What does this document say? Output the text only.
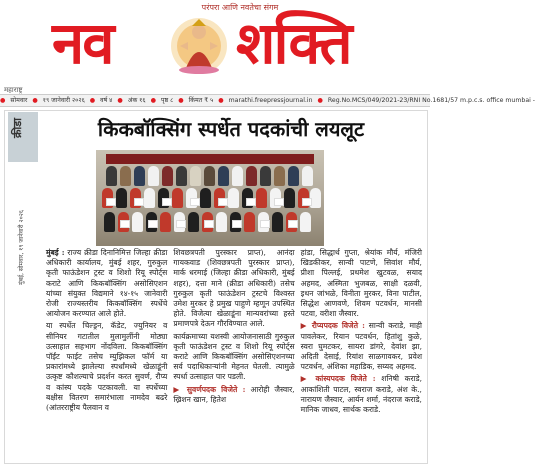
परंपरा आणि नवतेचा संगम
नव शक्ति
महाराष्ट्र
● सोमवार ● १९ जानेवारी २०२६ ● वर्ष ४ ● अंक १६ ● पृष्ठ ८ ● किंमत ₹ ५ ● marathi.freepressjournal.in ● Reg.No.MCS/049/2021-23/RNI No.1681/57 m.p.c.s. office mumbai -
क्रीडा
मुंबई, सोमवार, १९ जानेवारी २०२६
किकबॉक्सिंग स्पर्धेत पदकांची लयलूट

मुंबई : राज्य क्रीडा दिनानिमित्त जिल्हा क्रीडा अधिकारी कार्यालय, मुंबई शहर, गुरुकुल कृती फाऊंडेशन ट्रस्ट व शिशो रियू स्पोर्ट्स कराटे आणि किकबॉक्सिंग असोसिएशन यांच्या संयुक्त विद्यमाने १४-१५ जानेवारी रोजी राज्यस्तरीय किकबॉक्सिंग स्पर्धेचे आयोजन करण्यात आले होते.

या स्पर्धेत चिल्ड्रन, कॅडेट, ज्युनियर व सीनियर गटातील मुलामुलींनी मोठ्या उत्साहात सहभाग नोंदविला. किकबॉक्सिंग पॉईंट फाईट तसेच म्युझिकल फॉर्म या प्रकारांमध्ये झालेल्या स्पर्धांमध्ये खेळाडूंनी उत्कृष्ट कौशल्याचे प्रदर्शन करत सुवर्ण, रौप्य व कांस्य पदके पटकावली. या स्पर्धेच्या बक्षीस वितरण समारंभाला नामदेव बढरे (आंतरराष्ट्रीय पैलवान व

शिवछत्रपती पुरस्कार प्राप्त), आनंदा गायकवाड (शिवछत्रपती पुरस्कार प्राप्त), मार्क धरमाई (जिल्हा क्रीडा अधिकारी, मुंबई शहर), दत्ता माने (क्रीडा अधिकारी) तसेच गुरुकुल कृती फाऊंडेशन ट्रस्टचे विश्वस्त उमेश मुरकर हे प्रमुख पाहुणे म्हणून उपस्थित होते. विजेत्या खेळाडूंना मान्यवरांच्या हस्ते प्रमाणपत्रे देऊन गौरविण्यात आले.

कार्यक्रमाच्या यशस्वी आयोजनासाठी गुरुकुल कृती फाऊंडेशन ट्रस्ट व शिशो रियू स्पोर्ट्स कराटे आणि किकबॉक्सिंग असोसिएशनच्या सर्व पदाधिकाऱ्यांनी मेहनत घेतली. त्यामुळे स्पर्धा उत्साहात पार पडली.

▶ सुवर्णपदक विजेते : आरोही जैस्वार, ख्रिशन खान, हितेश

हांडा, सिद्धार्थ गुप्ता, श्रेयांक मौर्य, मंजिरी खिडकीकर, सान्वी पाटणे, सिवांश मौर्य, प्रीशा पिल्लई, प्रथमेश खुटवळ, सयाद अहमद, अस्मिता भुजबळ, साक्षी दळवी, इथन जांभळे, विनीता मुरकर, विना पाटील, सिद्धेश आणवणे, शिवम पटवर्धन, मानसी पटवा, वरीशा जैस्वार.

▶ रौप्यपदक विजेते : सान्वी कराडे, माही पावलेकर, रियान पटवर्धन, हितांशु कुळे, स्वरा घुमटकर, सायरा डांगरे, देवांश झा, अदिती देसाई, रियांश साळगावकर, प्रवेश पटवर्धन, अंशिका महाडिक, सय्यद अहमद.

▶ कांस्यपदक विजेते : शनिषी कराडे, आकांशिती पाटल, स्वराज कराडे, अंश के., नारायण जैस्वार, आर्यन शर्मा, नंदराज कराडे, मानिक जाधव, सार्थक कराडे.
